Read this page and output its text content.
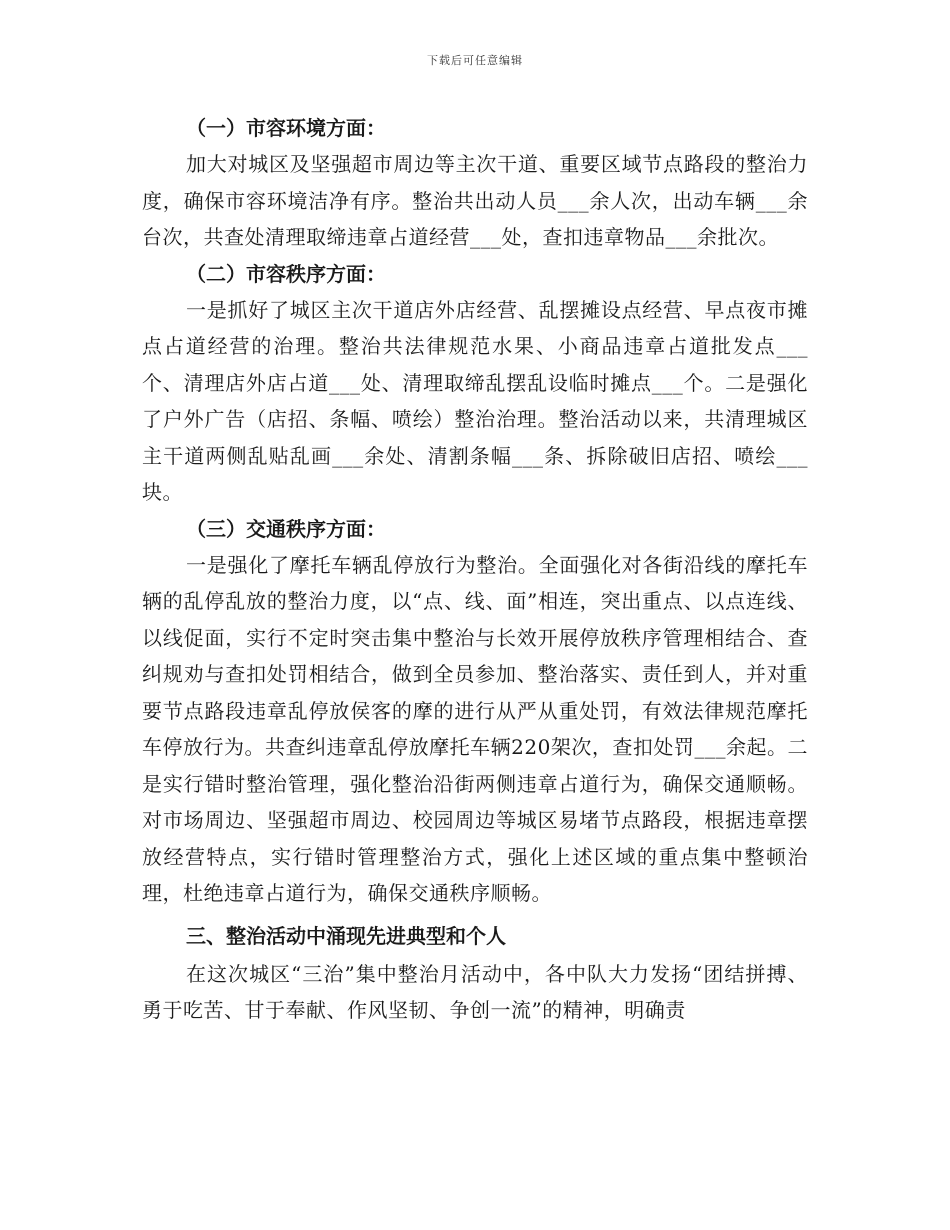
下载后可任意编辑

（一）市容环境方面：

加大对城区及坚强超市周边等主次干道、重要区域节点路段的整治力度，确保市容环境洁净有序。整治共出动人员___余人次，出动车辆___余台次，共查处清理取缔违章占道经营___处，查扣违章物品___余批次。

（二）市容秩序方面：

一是抓好了城区主次干道店外店经营、乱摆摊设点经营、早点夜市摊点占道经营的治理。整治共法律规范水果、小商品违章占道批发点___个、清理店外店占道___处、清理取缔乱摆乱设临时摊点___个。二是强化了户外广告（店招、条幅、喷绘）整治治理。整治活动以来，共清理城区主干道两侧乱贴乱画___余处、清割条幅___条、拆除破旧店招、喷绘___块。

（三）交通秩序方面：

一是强化了摩托车辆乱停放行为整治。全面强化对各街沿线的摩托车辆的乱停乱放的整治力度，以“点、线、面”相连，突出重点、以点连线、以线促面，实行不定时突击集中整治与长效开展停放秩序管理相结合、查纠规劝与查扣处罚相结合，做到全员参加、整治落实、责任到人，并对重要节点路段违章乱停放侯客的摩的进行从严从重处罚，有效法律规范摩托车停放行为。共查纠违章乱停放摩托车辆220架次，查扣处罚___余起。二是实行错时整治管理，强化整治沿街两侧违章占道行为，确保交通顺畅。对市场周边、坚强超市周边、校园周边等城区易堵节点路段，根据违章摆放经营特点，实行错时管理整治方式，强化上述区域的重点集中整顿治理，杜绝违章占道行为，确保交通秩序顺畅。

三、整治活动中涌现先进典型和个人

在这次城区“三治”集中整治月活动中，各中队大力发扬“团结拼搏、勇于吃苦、甘于奉献、作风坚韧、争创一流”的精神，明确责
